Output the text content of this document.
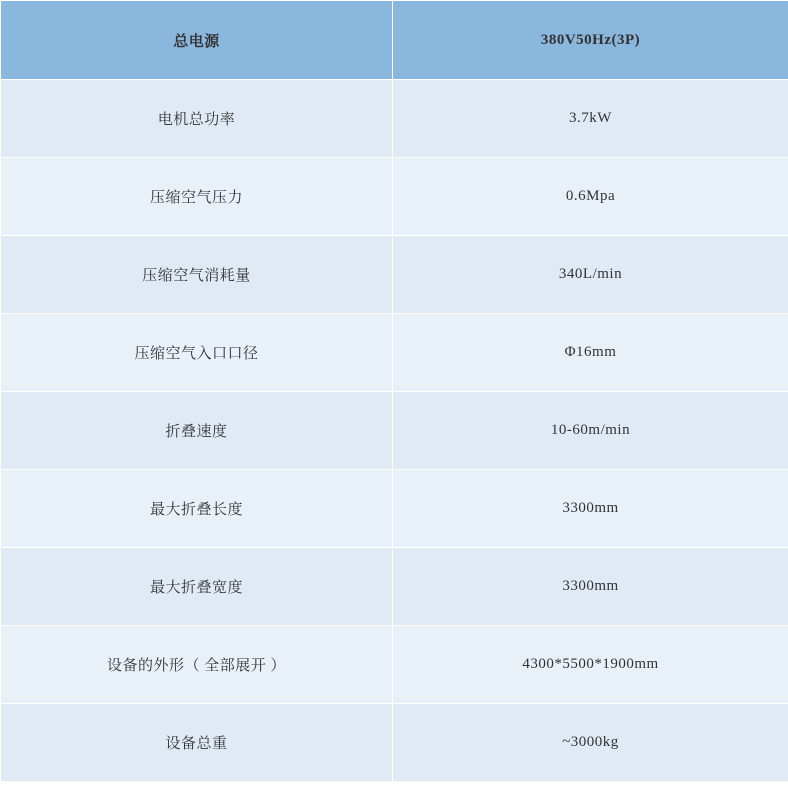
总电源	380V50Hz(3P)
电机总功率	3.7kW
压缩空气压力	0.6Mpa
压缩空气消耗量	340L/min
压缩空气入口口径	Φ16mm
折叠速度	10-60m/min
最大折叠长度	3300mm
最大折叠宽度	3300mm
设备的外形（ 全部展开 ）	4300*5500*1900mm
设备总重	~3000kg
